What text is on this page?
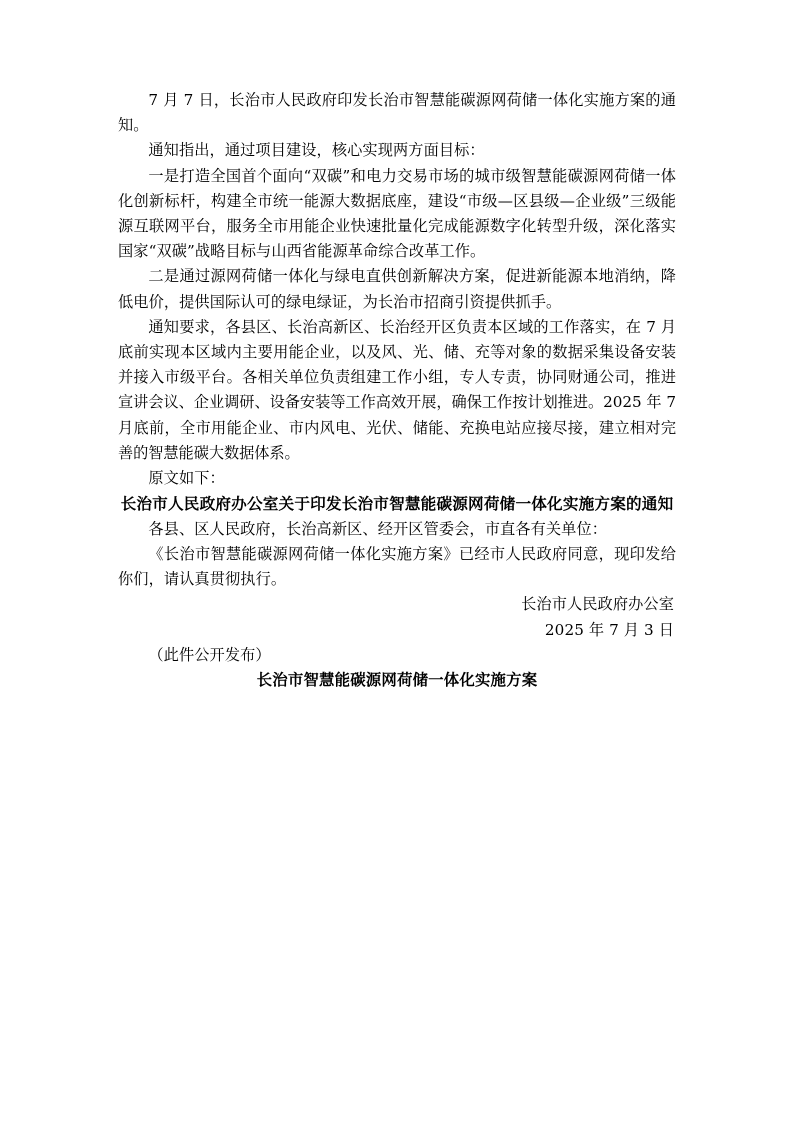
7 月 7 日，长治市人民政府印发长治市智慧能碳源网荷储一体化实施方案的通知。

通知指出，通过项目建设，核心实现两方面目标：

一是打造全国首个面向“双碳”和电力交易市场的城市级智慧能碳源网荷储一体化创新标杆，构建全市统一能源大数据底座，建设“市级—区县级—企业级”三级能源互联网平台，服务全市用能企业快速批量化完成能源数字化转型升级，深化落实国家“双碳”战略目标与山西省能源革命综合改革工作。

二是通过源网荷储一体化与绿电直供创新解决方案，促进新能源本地消纳，降低电价，提供国际认可的绿电绿证，为长治市招商引资提供抓手。

通知要求，各县区、长治高新区、长治经开区负责本区域的工作落实，在 7 月底前实现本区域内主要用能企业，以及风、光、储、充等对象的数据采集设备安装并接入市级平台。各相关单位负责组建工作小组，专人专责，协同财通公司，推进宣讲会议、企业调研、设备安装等工作高效开展，确保工作按计划推进。2025 年 7 月底前，全市用能企业、市内风电、光伏、储能、充换电站应接尽接，建立相对完善的智慧能碳大数据体系。

原文如下：

长治市人民政府办公室关于印发长治市智慧能碳源网荷储一体化实施方案的通知

各县、区人民政府，长治高新区、经开区管委会，市直各有关单位：

《长治市智慧能碳源网荷储一体化实施方案》已经市人民政府同意，现印发给你们，请认真贯彻执行。

长治市人民政府办公室

2025 年 7 月 3 日

（此件公开发布）

长治市智慧能碳源网荷储一体化实施方案
